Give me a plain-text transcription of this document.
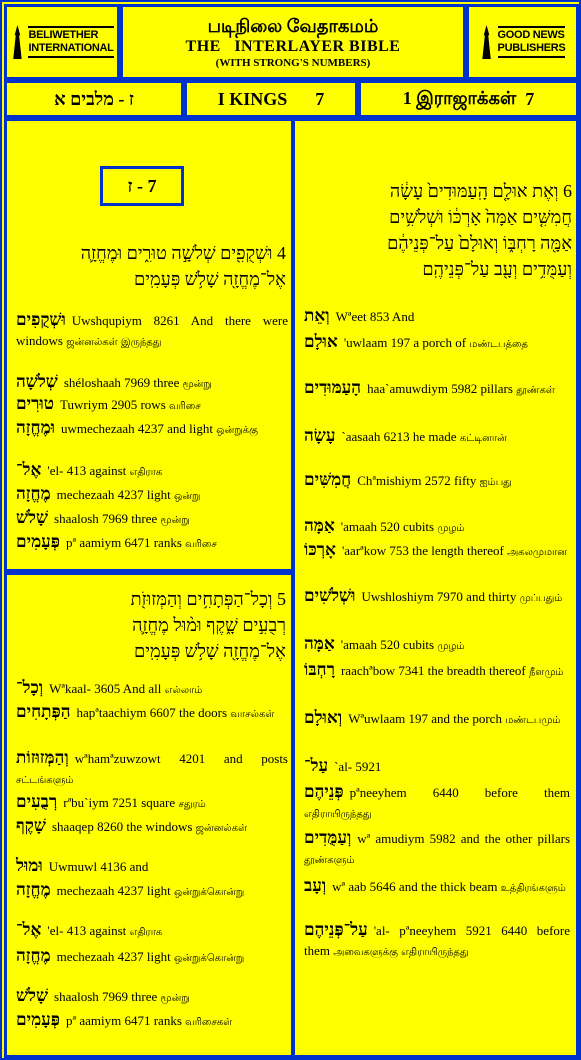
BELIWETHER
INTERNATIONAL
படிநிலை வேதாகமம்
THE   INTERLAYER BIBLE
(WITH STRONG'S NUMBERS)
GOOD NEWS
PUBLISHERS
מלבים א - ז	I KINGS 7	1 இராஜாக்கள்
7
ז
-
7
4 וּשְׁקֻפִ֖ים שְׁלֹשָׁ֣ה טוּרִ֑ים וּמֶחֱזָ֛ה
אֶל־מֶחֱזָ֖ה שָׁלֹ֥שׁ פְּעָמִֽים
וּשְׁקֻפִים Uwshqupiym 8261 And there were windows ஜன்னல்கள் இருந்தது
שְׁלֹשָׁה shéloshaah 7969 three மூன்று
טוּרִים Tuwriym 2905 rows வரிசை
וּמֶחֱזָה uwmechezaah 4237 and light ஒன்றுக்கு
אֶל־ 'el- 413 against எதிராக
מֶחֱזָה mechezaah 4237 light ஒன்று
שָׁלֹשׁ shaalosh 7969 three மூன்று
פְּעָמִים pª aamiym 6471 ranks வரிசை
5 וְכָל־הַפְּתָחִ֥ים וְהַמְּזוּזֹ֖ת
רְבֻעִ֣ים שָׁ֑קֶף וּמ֨וּל מֶחֱזָ֛ה
אֶל־מֶחֱזָ֖ה שָׁלֹ֥שׁ פְּעָמִֽים
וְכָל־ Wªkaal- 3605 And all எல்லாம்
הַפְּתָחִים hapªtaachiym 6607 the doors வாசல்கள்
וְהַמְּזוּזוֹת wªhamªzuwzowt 4201 and posts சட்டங்களும்
רְבֻעִים rªbu`iym 7251 square சதுரம்
שָׁקֶף shaaqep 8260 the windows ஜன்னல்கள்
וּמוּל Uwmuwl 4136 and
מֶחֱזָה mechezaah 4237 light ஒன்றுக்கொன்று
אֶל־ 'el- 413 against எதிராக
מֶחֱזָה mechezaah 4237 light ஒன்றுக்கொன்று
שָׁלֹשׁ shaalosh 7969 three மூன்று
פְּעָמִים pª aamiym 6471 ranks வரிசைகள்
6 וְאֶת אוּלָ֤ם הָֽעַמּוּדִים֙ עָשָׂ֔ה
חֲמִשִּׁ֤ים אַמָּה֙ אָרְכּ֔וֹ וּשְׁלֹשִׁ֥ים
אַמָּ֖ה רָחְבּ֑וֹ וְאוּלָם֙ עַל־פְּנֵיהֶ֔ם
וְעַמֻּדִ֥ים וְעָ֖ב עַל־פְּנֵיהֶֽם
וְאֵת Wªeet 853 And
אוּלָם 'uwlaam 197 a porch of மண்டபத்தை
הָעַמּוּדִים haa`amuwdiym 5982 pillars தூண்கள்
עָשָׂה `aasaah 6213 he made கட்டினான்
חֲמִשִּׁים Chªmishiym 2572 fifty ஐம்பது
אַמָּה 'amaah 520 cubits முழம்
אָרְכּוֹ 'aarªkow 753 the length thereof அகலமுமான
וּשְׁלֹשִׁים Uwshloshiym 7970 and thirty முப்பதும்
אַמָּה 'amaah 520 cubits முழம்
רָחְבּוֹ raachªbow 7341 the breadth thereof நீளமும்
וְאוּלָם Wªuwlaam 197 and the porch மண்டபமும்
עַל־ `al- 5921
פְּנֵיהֶם pªneeyhem 6440 before them எதிராயிருந்தது
וְעַמֻּדִים wª amudiym 5982 and the other pillars தூண்களும்
וְעָב wª aab 5646 and the thick beam உத்திரங்களும்
עַל־פְּנֵיהֶם 'al- pªneeyhem 5921 6440 before them அவைகளுக்கு எதிராயிருந்தது
